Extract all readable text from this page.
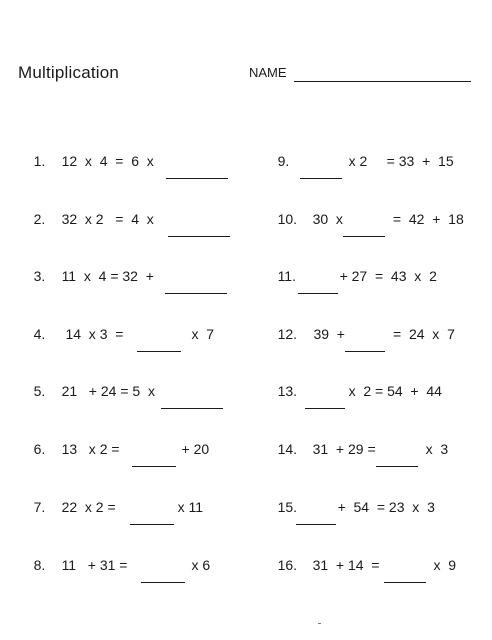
Multiplication	NAME

1. 12  x  4  =  6  x

2. 32  x 2   =  4  x

3. 11  x  4 = 32  +

4. 14  x 3  =	x  7

5. 21   + 24 = 5  x

6. 13   x 2 =	+ 20

7. 22  x 2 =	x 11

8. 11   + 31 =	x 6

9.	x 2     = 33  +  15

10. 30  x	=  42  +  18

11.	+ 27  =  43  x  2

12. 39  +	=  24  x  7

13.	x  2 = 54  +  44

14. 31  + 29 =	x  3

15.	+  54  = 23  x  3

16. 31  + 14  =	x  9
